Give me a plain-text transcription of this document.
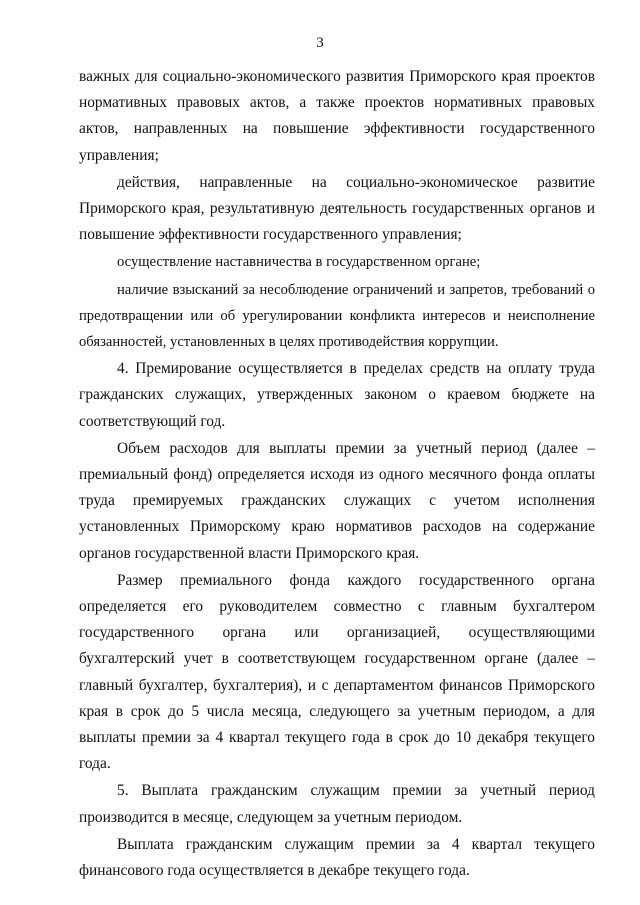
3

важных для социально-экономического развития Приморского края проектов нормативных правовых актов, а также проектов нормативных правовых актов, направленных на повышение эффективности государственного управления;

действия, направленные на социально-экономическое развитие Приморского края, результативную деятельность государственных органов и повышение эффективности государственного управления;

осуществление наставничества в государственном органе;

наличие взысканий за несоблюдение ограничений и запретов, требований о предотвращении или об урегулировании конфликта интересов и неисполнение обязанностей, установленных в целях противодействия коррупции.

4. Премирование осуществляется в пределах средств на оплату труда гражданских служащих, утвержденных законом о краевом бюджете на соответствующий год.

Объем расходов для выплаты премии за учетный период (далее – премиальный фонд) определяется исходя из одного месячного фонда оплаты труда премируемых гражданских служащих с учетом исполнения установленных Приморскому краю нормативов расходов на содержание органов государственной власти Приморского края.

Размер премиального фонда каждого государственного органа определяется его руководителем совместно с главным бухгалтером государственного органа или организацией, осуществляющими бухгалтерский учет в соответствующем государственном органе (далее – главный бухгалтер, бухгалтерия), и с департаментом финансов Приморского края в срок до 5 числа месяца, следующего за учетным периодом, а для выплаты премии за 4 квартал текущего года в срок до 10 декабря текущего года.

5. Выплата гражданским служащим премии за учетный период производится в месяце, следующем за учетным периодом.

Выплата гражданским служащим премии за 4 квартал текущего финансового года осуществляется в декабре текущего года.
